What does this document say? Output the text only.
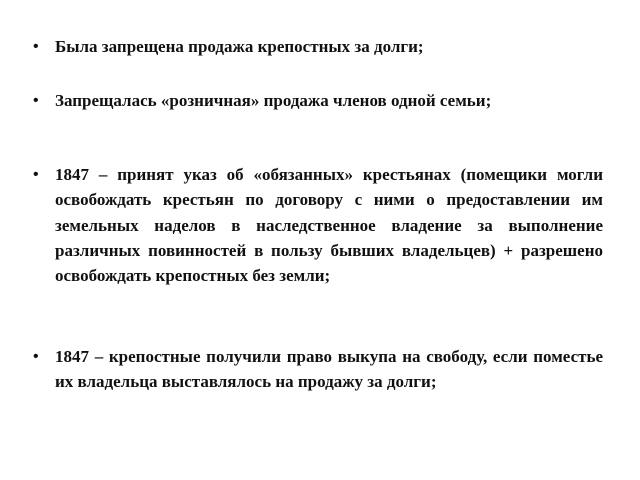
• Была запрещена продажа крепостных за долги;
• Запрещалась «розничная» продажа членов одной семьи;
• 1847 – принят указ об «обязанных» крестьянах (помещики могли освобождать крестьян по договору с ними о предоставлении им земельных наделов в наследственное владение за выполнение различных повинностей в пользу бывших владельцев) + разрешено освобождать крепостных без земли;
• 1847 – крепостные получили право выкупа на свободу, если поместье их владельца выставлялось на продажу за долги;
